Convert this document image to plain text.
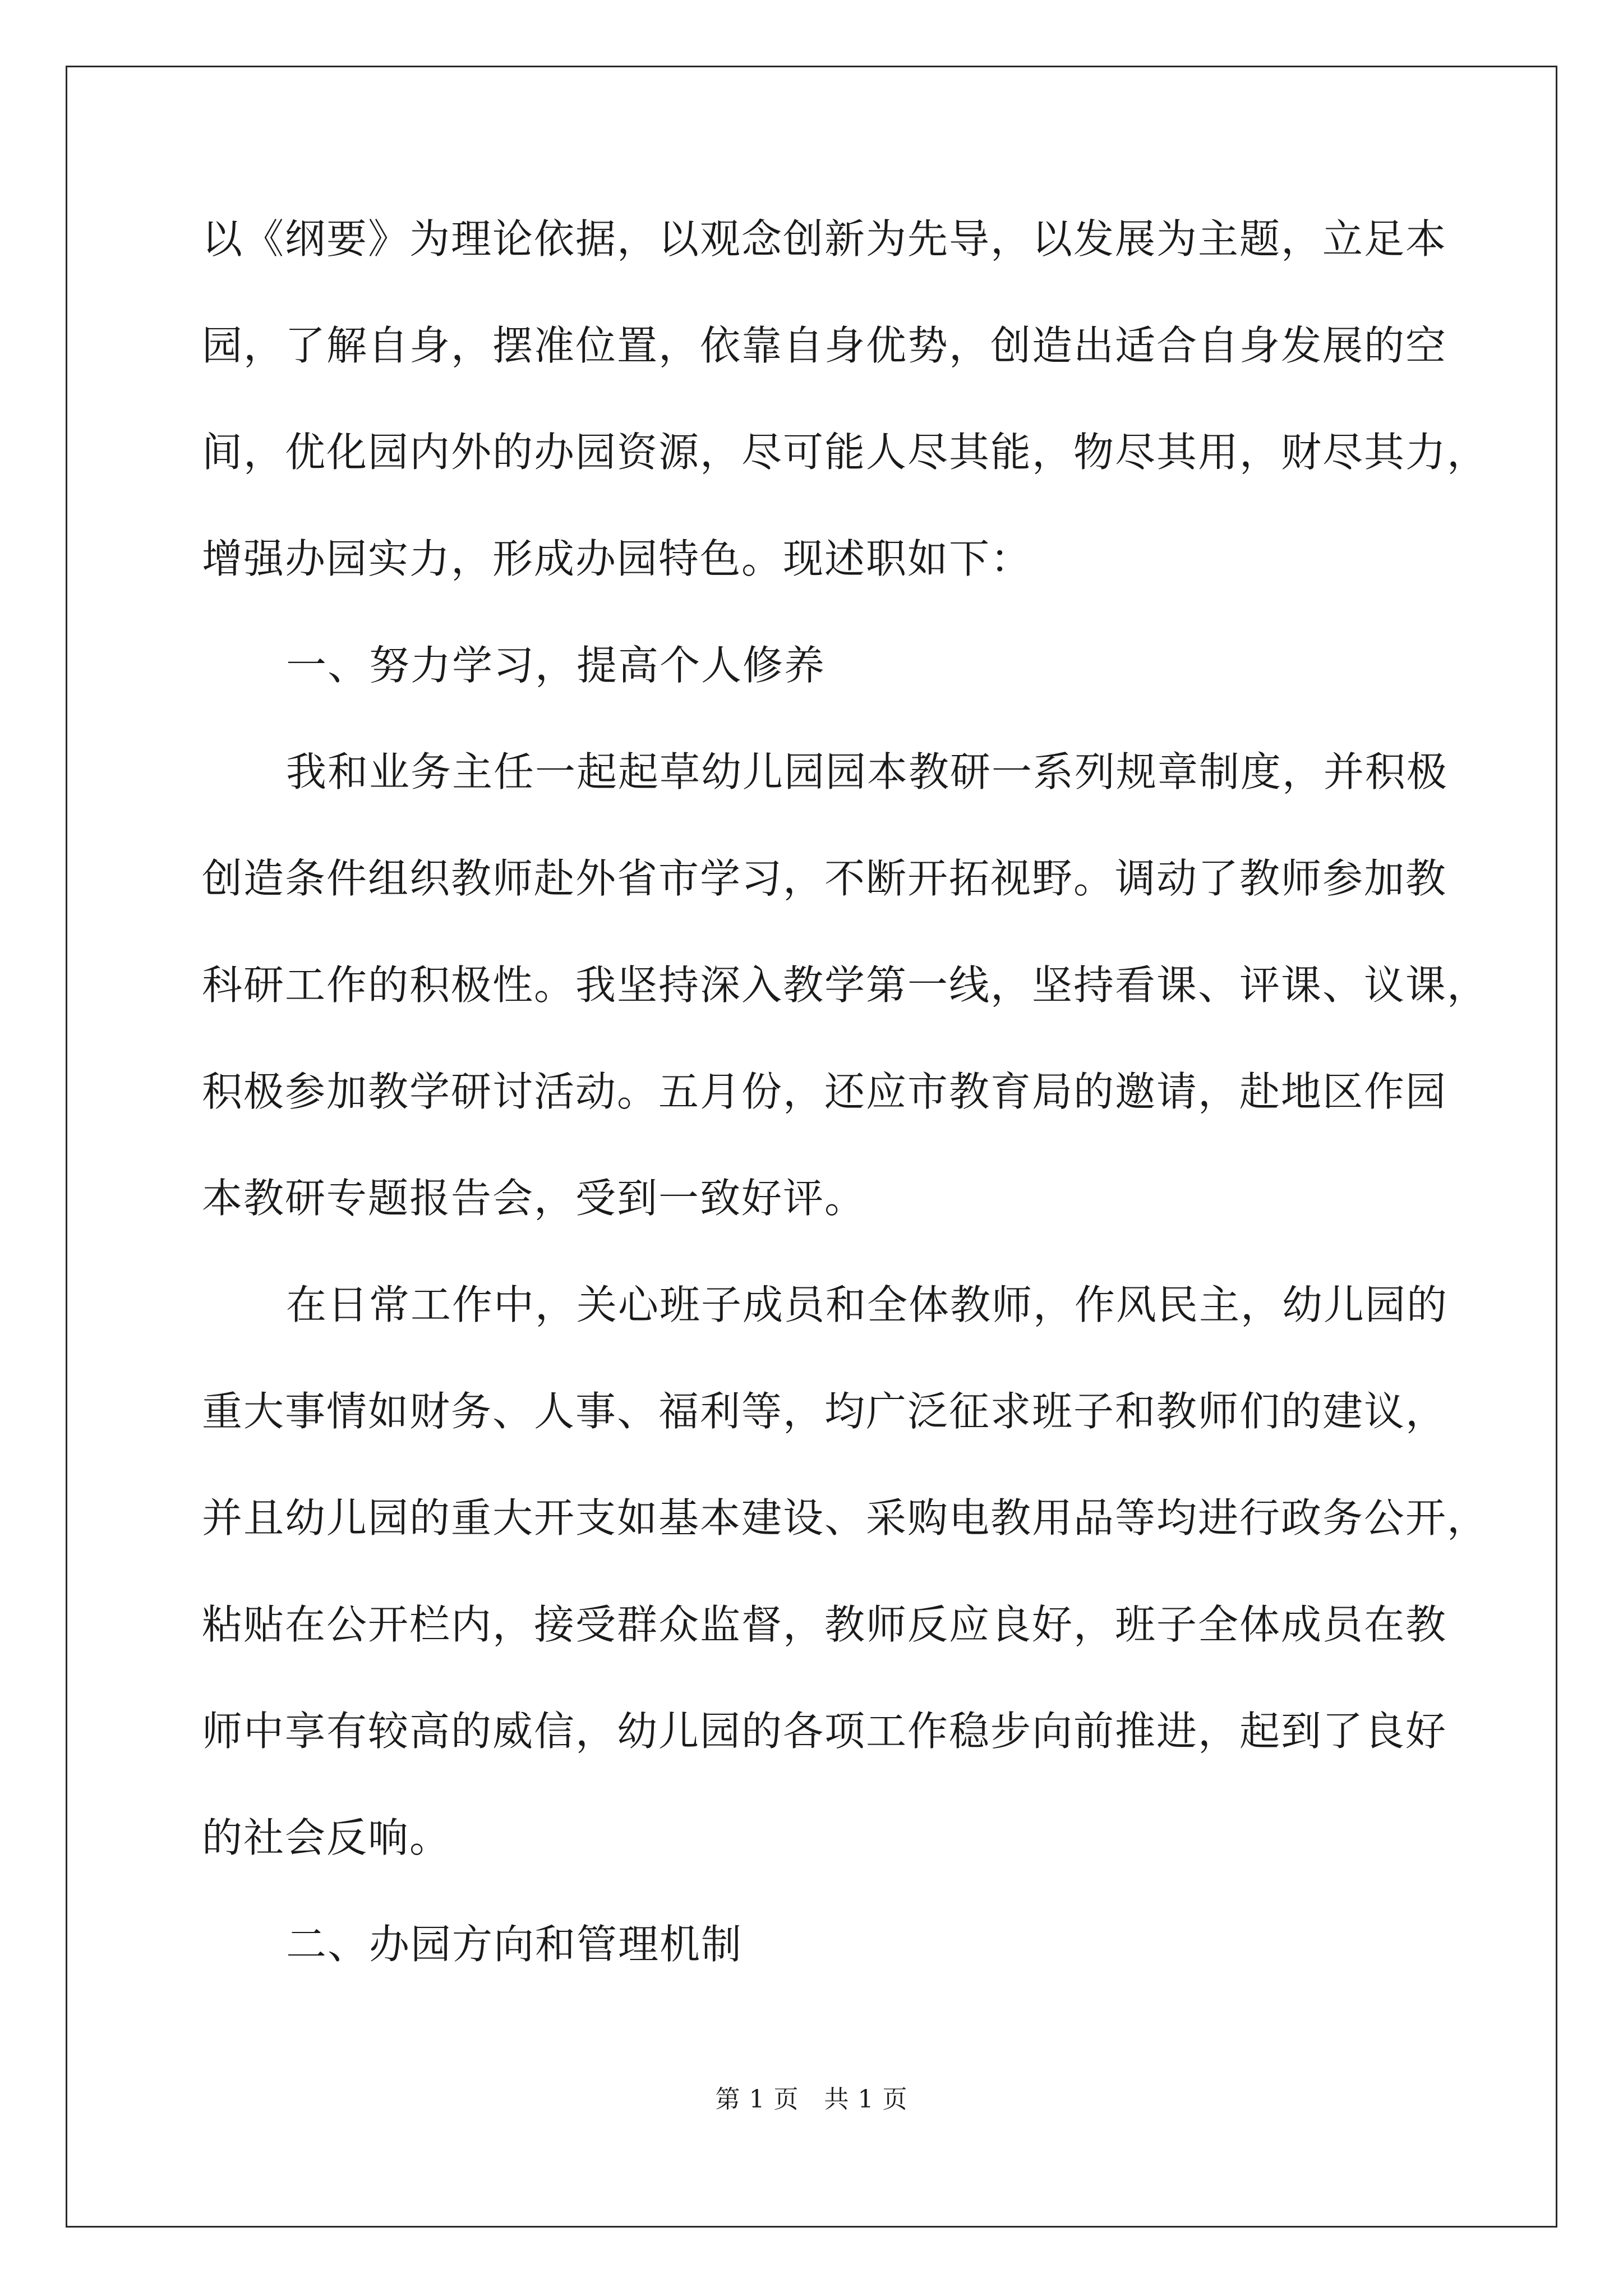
以《纲要》为理论依据，以观念创新为先导，以发展为主题，立足本
园，了解自身，摆准位置，依靠自身优势，创造出适合自身发展的空
间，优化园内外的办园资源，尽可能人尽其能，物尽其用，财尽其力，
增强办园实力，形成办园特色。现述职如下：
一、努力学习，提高个人修养
我和业务主任一起起草幼儿园园本教研一系列规章制度，并积极
创造条件组织教师赴外省市学习，不断开拓视野。调动了教师参加教
科研工作的积极性。我坚持深入教学第一线，坚持看课、评课、议课，
积极参加教学研讨活动。五月份，还应市教育局的邀请，赴地区作园
本教研专题报告会，受到一致好评。
在日常工作中，关心班子成员和全体教师，作风民主，幼儿园的
重大事情如财务、人事、福利等，均广泛征求班子和教师们的建议，
并且幼儿园的重大开支如基本建设、采购电教用品等均进行政务公开，
粘贴在公开栏内，接受群众监督，教师反应良好，班子全体成员在教
师中享有较高的威信，幼儿园的各项工作稳步向前推进，起到了良好
的社会反响。
二、办园方向和管理机制
第 1 页　共 1 页
